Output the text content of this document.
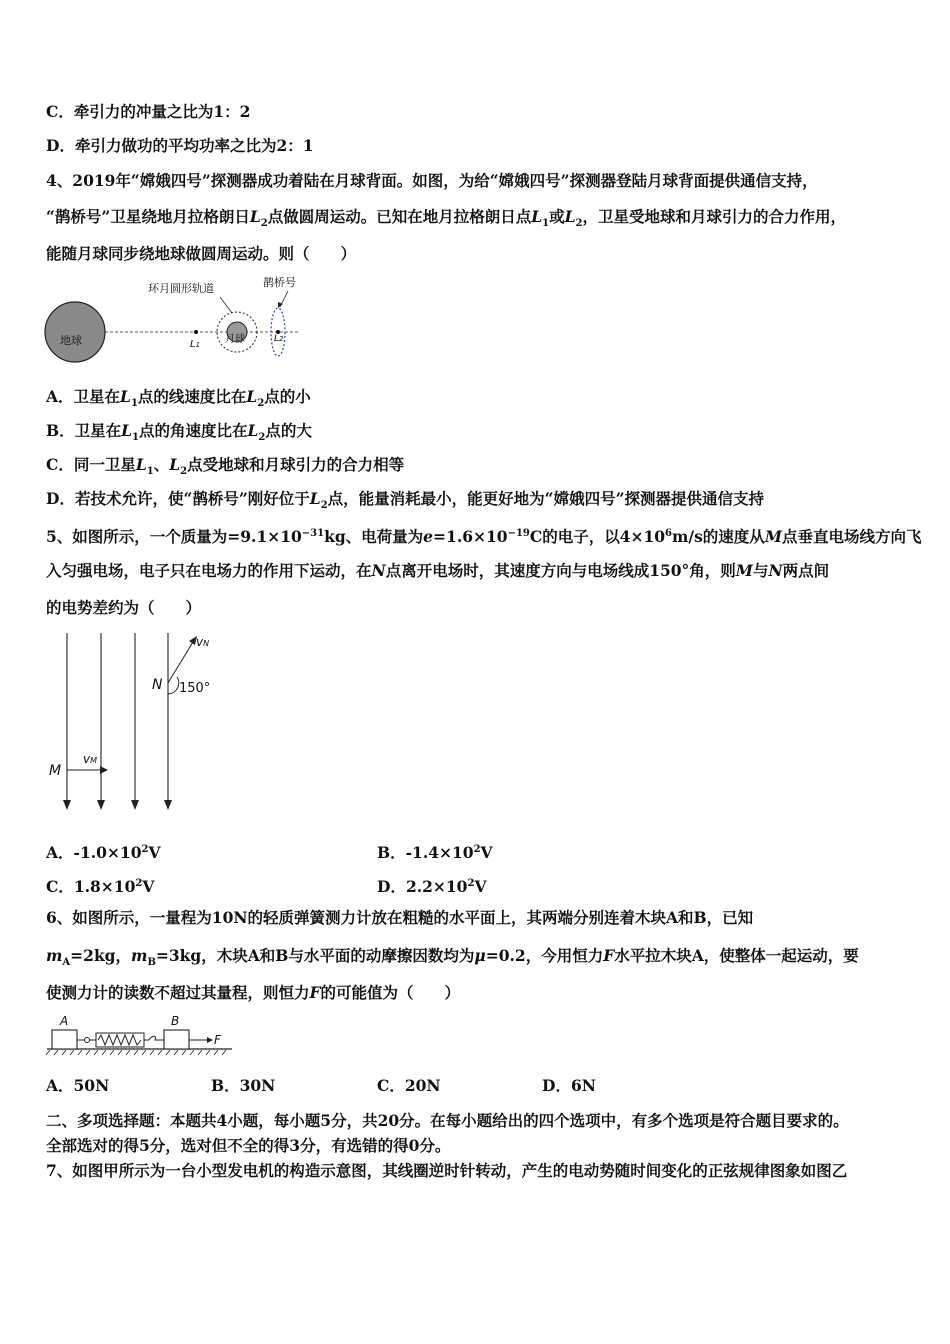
C．牵引力的冲量之比为1：2
D．牵引力做功的平均功率之比为2：1
4、2019年“嫦娥四号”探测器成功着陆在月球背面。如图，为给“嫦娥四号”探测器登陆月球背面提供通信支持，
“鹊桥号”卫星绕地月拉格朗日$L_2$点做圆周运动。已知在地月拉格朗日点$L_1$或$L_2$，卫星受地球和月球引力的合力作用，
能随月球同步绕地球做圆周运动。则（　　）
地球	L1 月球
环月圆形轨道
L2
鹊桥号
A．卫星在$L_1$点的线速度比在$L_2$点的小
B．卫星在$L_1$点的角速度比在$L_2$点的大
C．同一卫星$L_1$、$L_2$点受地球和月球引力的合力相等
D．若技术允许，使“鹊桥号”刚好位于$L_2$点，能量消耗最小，能更好地为“嫦娥四号”探测器提供通信支持
5、如图所示，一个质量为$=9.1\times 10^{-31}kg$、电荷量为$e=1.6\times 10^{-19}C$的电子，以$4\times 10^6m/s$的速度从M点垂直电场线方向飞
入匀强电场，电子只在电场力的作用下运动，在N点离开电场时，其速度方向与电场线成150°角，则M与N两点间
的电势差约为（　　）
M
vM
N
vN
150°
A．$-1.0\times 10^2V$	B．$-1.4\times 10^2V$
C．$1.8\times 10^2V$	D．$2.2\times 10^2V$
6、如图所示，一量程为10N的轻质弹簧测力计放在粗糙的水平面上，其两端分别连着木块A和B，已知
$m_A=2kg$，$m_B=3kg$，木块A和B与水平面的动摩擦因数均为μ=0.2，今用恒力F水平拉木块A，使整体一起运动，要
使测力计的读数不超过其量程，则恒力F的可能值为（　　）
A	B
F
A．50N	B．30N	C．20N	D．6N
二、多项选择题：本题共4小题，每小题5分，共20分。在每小题给出的四个选项中，有多个选项是符合题目要求的。
全部选对的得5分，选对但不全的得3分，有选错的得0分。
7、如图甲所示为一台小型发电机的构造示意图，其线圈逆时针转动，产生的电动势随时间变化的正弦规律图象如图乙
